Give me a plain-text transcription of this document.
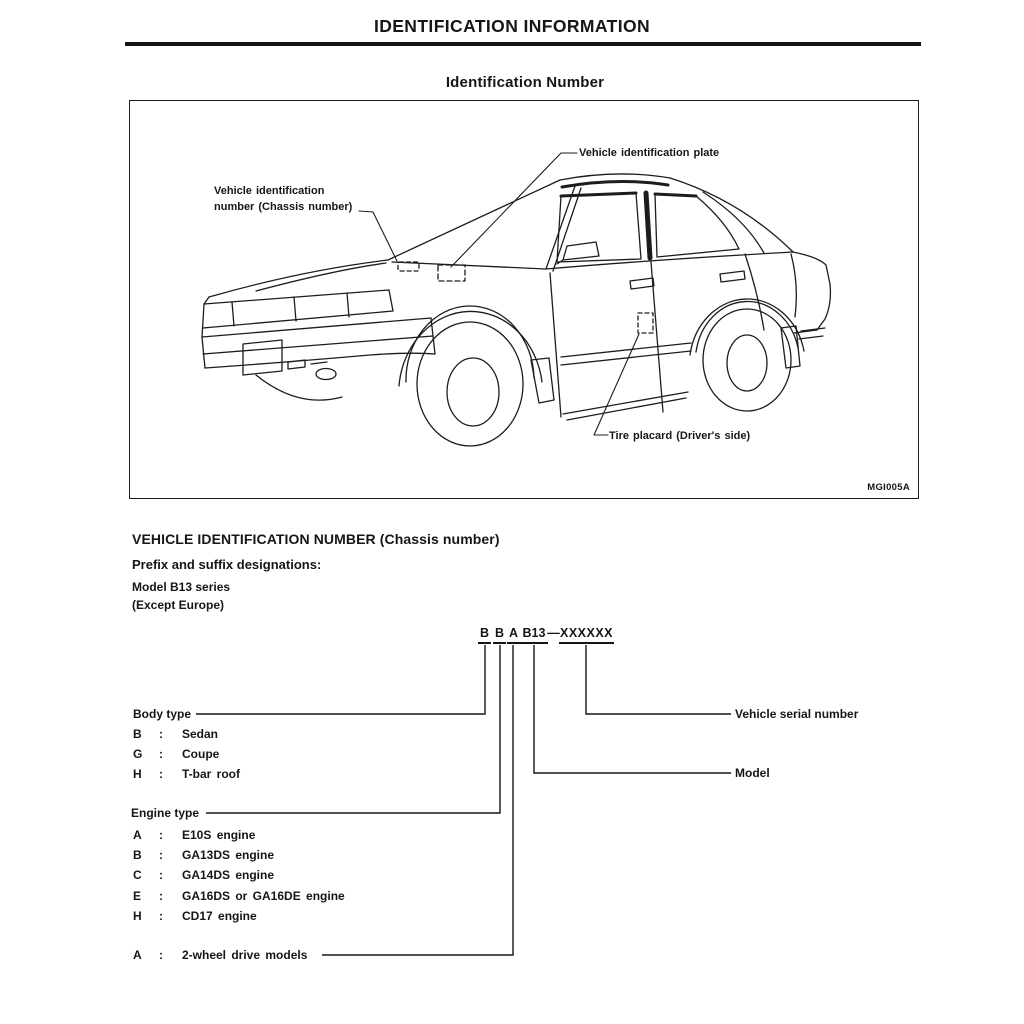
IDENTIFICATION INFORMATION
Identification Number
Vehicle identification
number (Chassis number)
Vehicle identification plate
Tire placard (Driver's side)
MGI005A
VEHICLE IDENTIFICATION NUMBER (Chassis number)
Prefix and suffix designations:
Model B13 series
(Except Europe)
B B A B13 — XXXXXX
Body type
B	:	Sedan
G	:	Coupe
H	:	T-bar roof
Engine type
A	:	E10S engine
B	:	GA13DS engine
C	:	GA14DS engine
E	:	GA16DS or GA16DE engine
H	:	CD17 engine
A	:	2-wheel drive models
Vehicle serial number
Model
